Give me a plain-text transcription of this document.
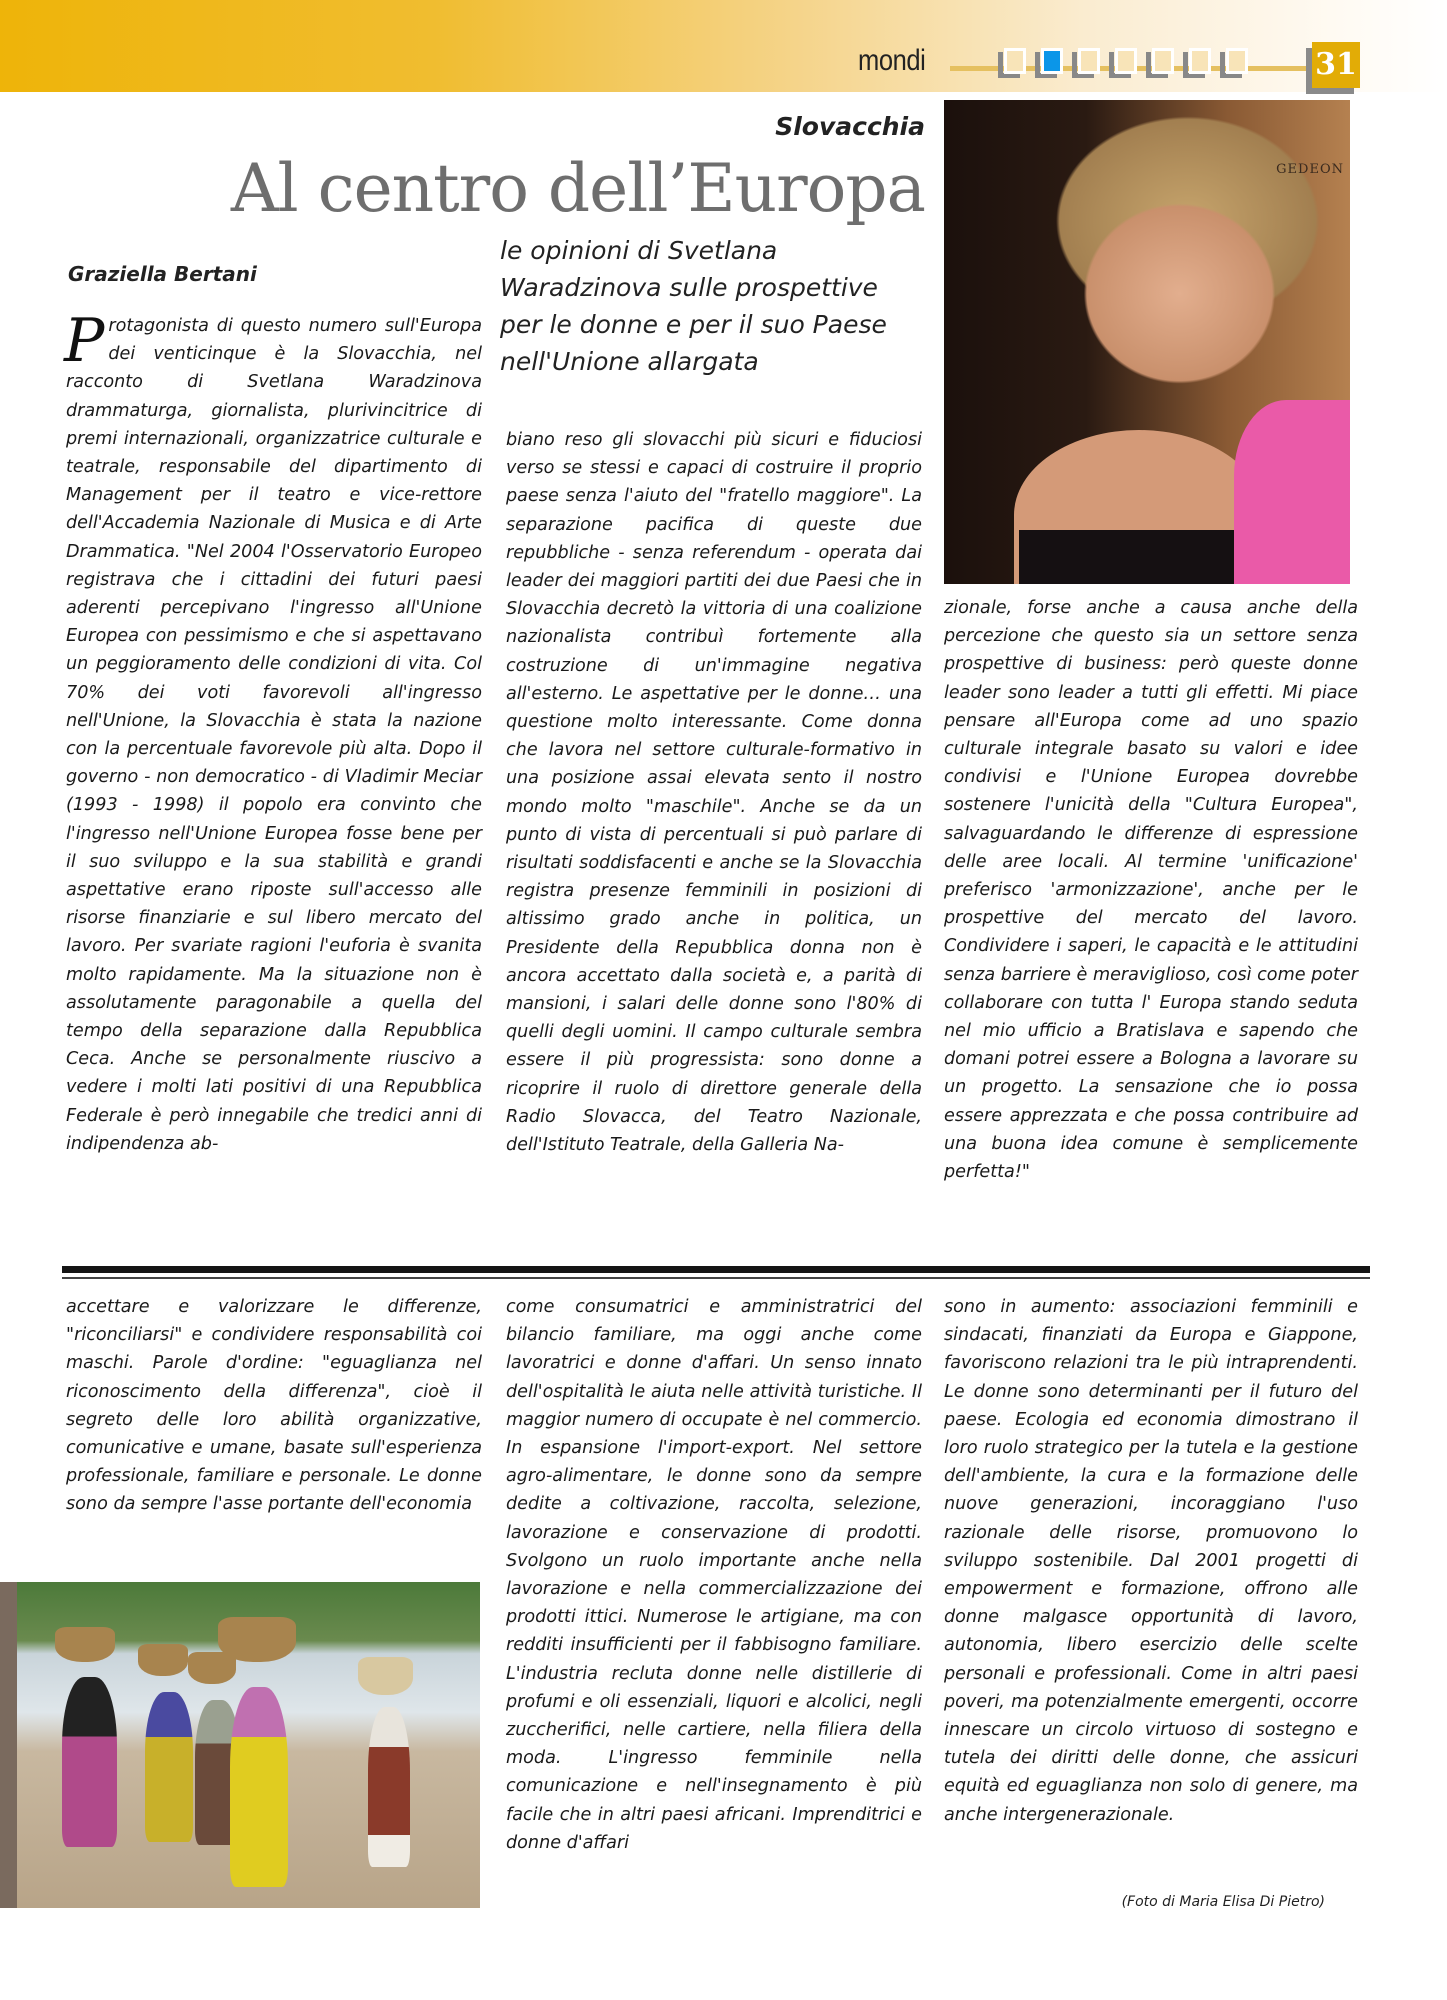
mondi	31
Slovacchia
Al centro dell’Europa
Graziella Bertani
le opinioni di Svetlana Waradzinova sulle prospettive per le donne e per il suo Paese nell'Unione allargata
GEDEON

Protagonista di questo numero sull'Europa dei venticinque è la Slovacchia, nel racconto di Svetlana Waradzinova drammaturga, giornalista, plurivincitrice di premi internazionali, organizzatrice culturale e teatrale, responsabile del dipartimento di Management per il teatro e vice-rettore dell'Accademia Nazionale di Musica e di Arte Drammatica. "Nel 2004 l'Osservatorio Europeo registrava che i cittadini dei futuri paesi aderenti percepivano l'ingresso all'Unione Europea con pessimismo e che si aspettavano un peggioramento delle condizioni di vita. Col 70% dei voti favorevoli all'ingresso nell'Unione, la Slovacchia è stata la nazione con la percentuale favorevole più alta. Dopo il governo - non democratico - di Vladimir Meciar (1993 - 1998) il popolo era convinto che l'ingresso nell'Unione Europea fosse bene per il suo sviluppo e la sua stabilità e grandi aspettative erano riposte sull'accesso alle risorse finanziarie e sul libero mercato del lavoro. Per svariate ragioni l'euforia è svanita molto rapidamente. Ma la situazione non è assolutamente paragonabile a quella del tempo della separazione dalla Repubblica Ceca. Anche se personalmente riuscivo a vedere i molti lati positivi di una Repubblica Federale è però innegabile che tredici anni di indipendenza ab-

biano reso gli slovacchi più sicuri e fiduciosi verso se stessi e capaci di costruire il proprio paese senza l'aiuto del "fratello maggiore". La separazione pacifica di queste due repubbliche - senza referendum - operata dai leader dei maggiori partiti dei due Paesi che in Slovacchia decretò la vittoria di una coalizione nazionalista contribuì fortemente alla costruzione di un'immagine negativa all'esterno. Le aspettative per le donne… una questione molto interessante. Come donna che lavora nel settore culturale-formativo in una posizione assai elevata sento il nostro mondo molto "maschile". Anche se da un punto di vista di percentuali si può parlare di risultati soddisfacenti e anche se la Slovacchia registra presenze femminili in posizioni di altissimo grado anche in politica, un Presidente della Repubblica donna non è ancora accettato dalla società e, a parità di mansioni, i salari delle donne sono l'80% di quelli degli uomini. Il campo culturale sembra essere il più progressista: sono donne a ricoprire il ruolo di direttore generale della Radio Slovacca, del Teatro Nazionale, dell'Istituto Teatrale, della Galleria Na-

zionale, forse anche a causa anche della percezione che questo sia un settore senza prospettive di business: però queste donne leader sono leader a tutti gli effetti. Mi piace pensare all'Europa come ad uno spazio culturale integrale basato su valori e idee condivisi e l'Unione Europea dovrebbe sostenere l'unicità della "Cultura Europea", salvaguardando le differenze di espressione delle aree locali. Al termine 'unificazione' preferisco 'armonizzazione', anche per le prospettive del mercato del lavoro. Condividere i saperi, le capacità e le attitudini senza barriere è meraviglioso, così come poter collaborare con tutta l' Europa stando seduta nel mio ufficio a Bratislava e sapendo che domani potrei essere a Bologna a lavorare su un progetto. La sensazione che io possa essere apprezzata e che possa contribuire ad una buona idea comune è semplicemente perfetta!"

accettare e valorizzare le differenze, "riconciliarsi" e condividere responsabilità coi maschi. Parole d'ordine: "eguaglianza nel riconoscimento della differenza", cioè il segreto delle loro abilità organizzative, comunicative e umane, basate sull'esperienza professionale, familiare e personale. Le donne sono da sempre l'asse portante dell'economia

come consumatrici e amministratrici del bilancio familiare, ma oggi anche come lavoratrici e donne d'affari. Un senso innato dell'ospitalità le aiuta nelle attività turistiche. Il maggior numero di occupate è nel commercio. In espansione l'import-export. Nel settore agro-alimentare, le donne sono da sempre dedite a coltivazione, raccolta, selezione, lavorazione e conservazione di prodotti. Svolgono un ruolo importante anche nella lavorazione e nella commercializzazione dei prodotti ittici. Numerose le artigiane, ma con redditi insufficienti per il fabbisogno familiare. L'industria recluta donne nelle distillerie di profumi e oli essenziali, liquori e alcolici, negli zuccherifici, nelle cartiere, nella filiera della moda. L'ingresso femminile nella comunicazione e nell'insegnamento è più facile che in altri paesi africani. Imprenditrici e donne d'affari

sono in aumento: associazioni femminili e sindacati, finanziati da Europa e Giappone, favoriscono relazioni tra le più intraprendenti. Le donne sono determinanti per il futuro del paese. Ecologia ed economia dimostrano il loro ruolo strategico per la tutela e la gestione dell'ambiente, la cura e la formazione delle nuove generazioni, incoraggiano l'uso razionale delle risorse, promuovono lo sviluppo sostenibile. Dal 2001 progetti di empowerment e formazione, offrono alle donne malgasce opportunità di lavoro, autonomia, libero esercizio delle scelte personali e professionali. Come in altri paesi poveri, ma potenzialmente emergenti, occorre innescare un circolo virtuoso di sostegno e tutela dei diritti delle donne, che assicuri equità ed eguaglianza non solo di genere, ma anche intergenerazionale.

(Foto di Maria Elisa Di Pietro)
